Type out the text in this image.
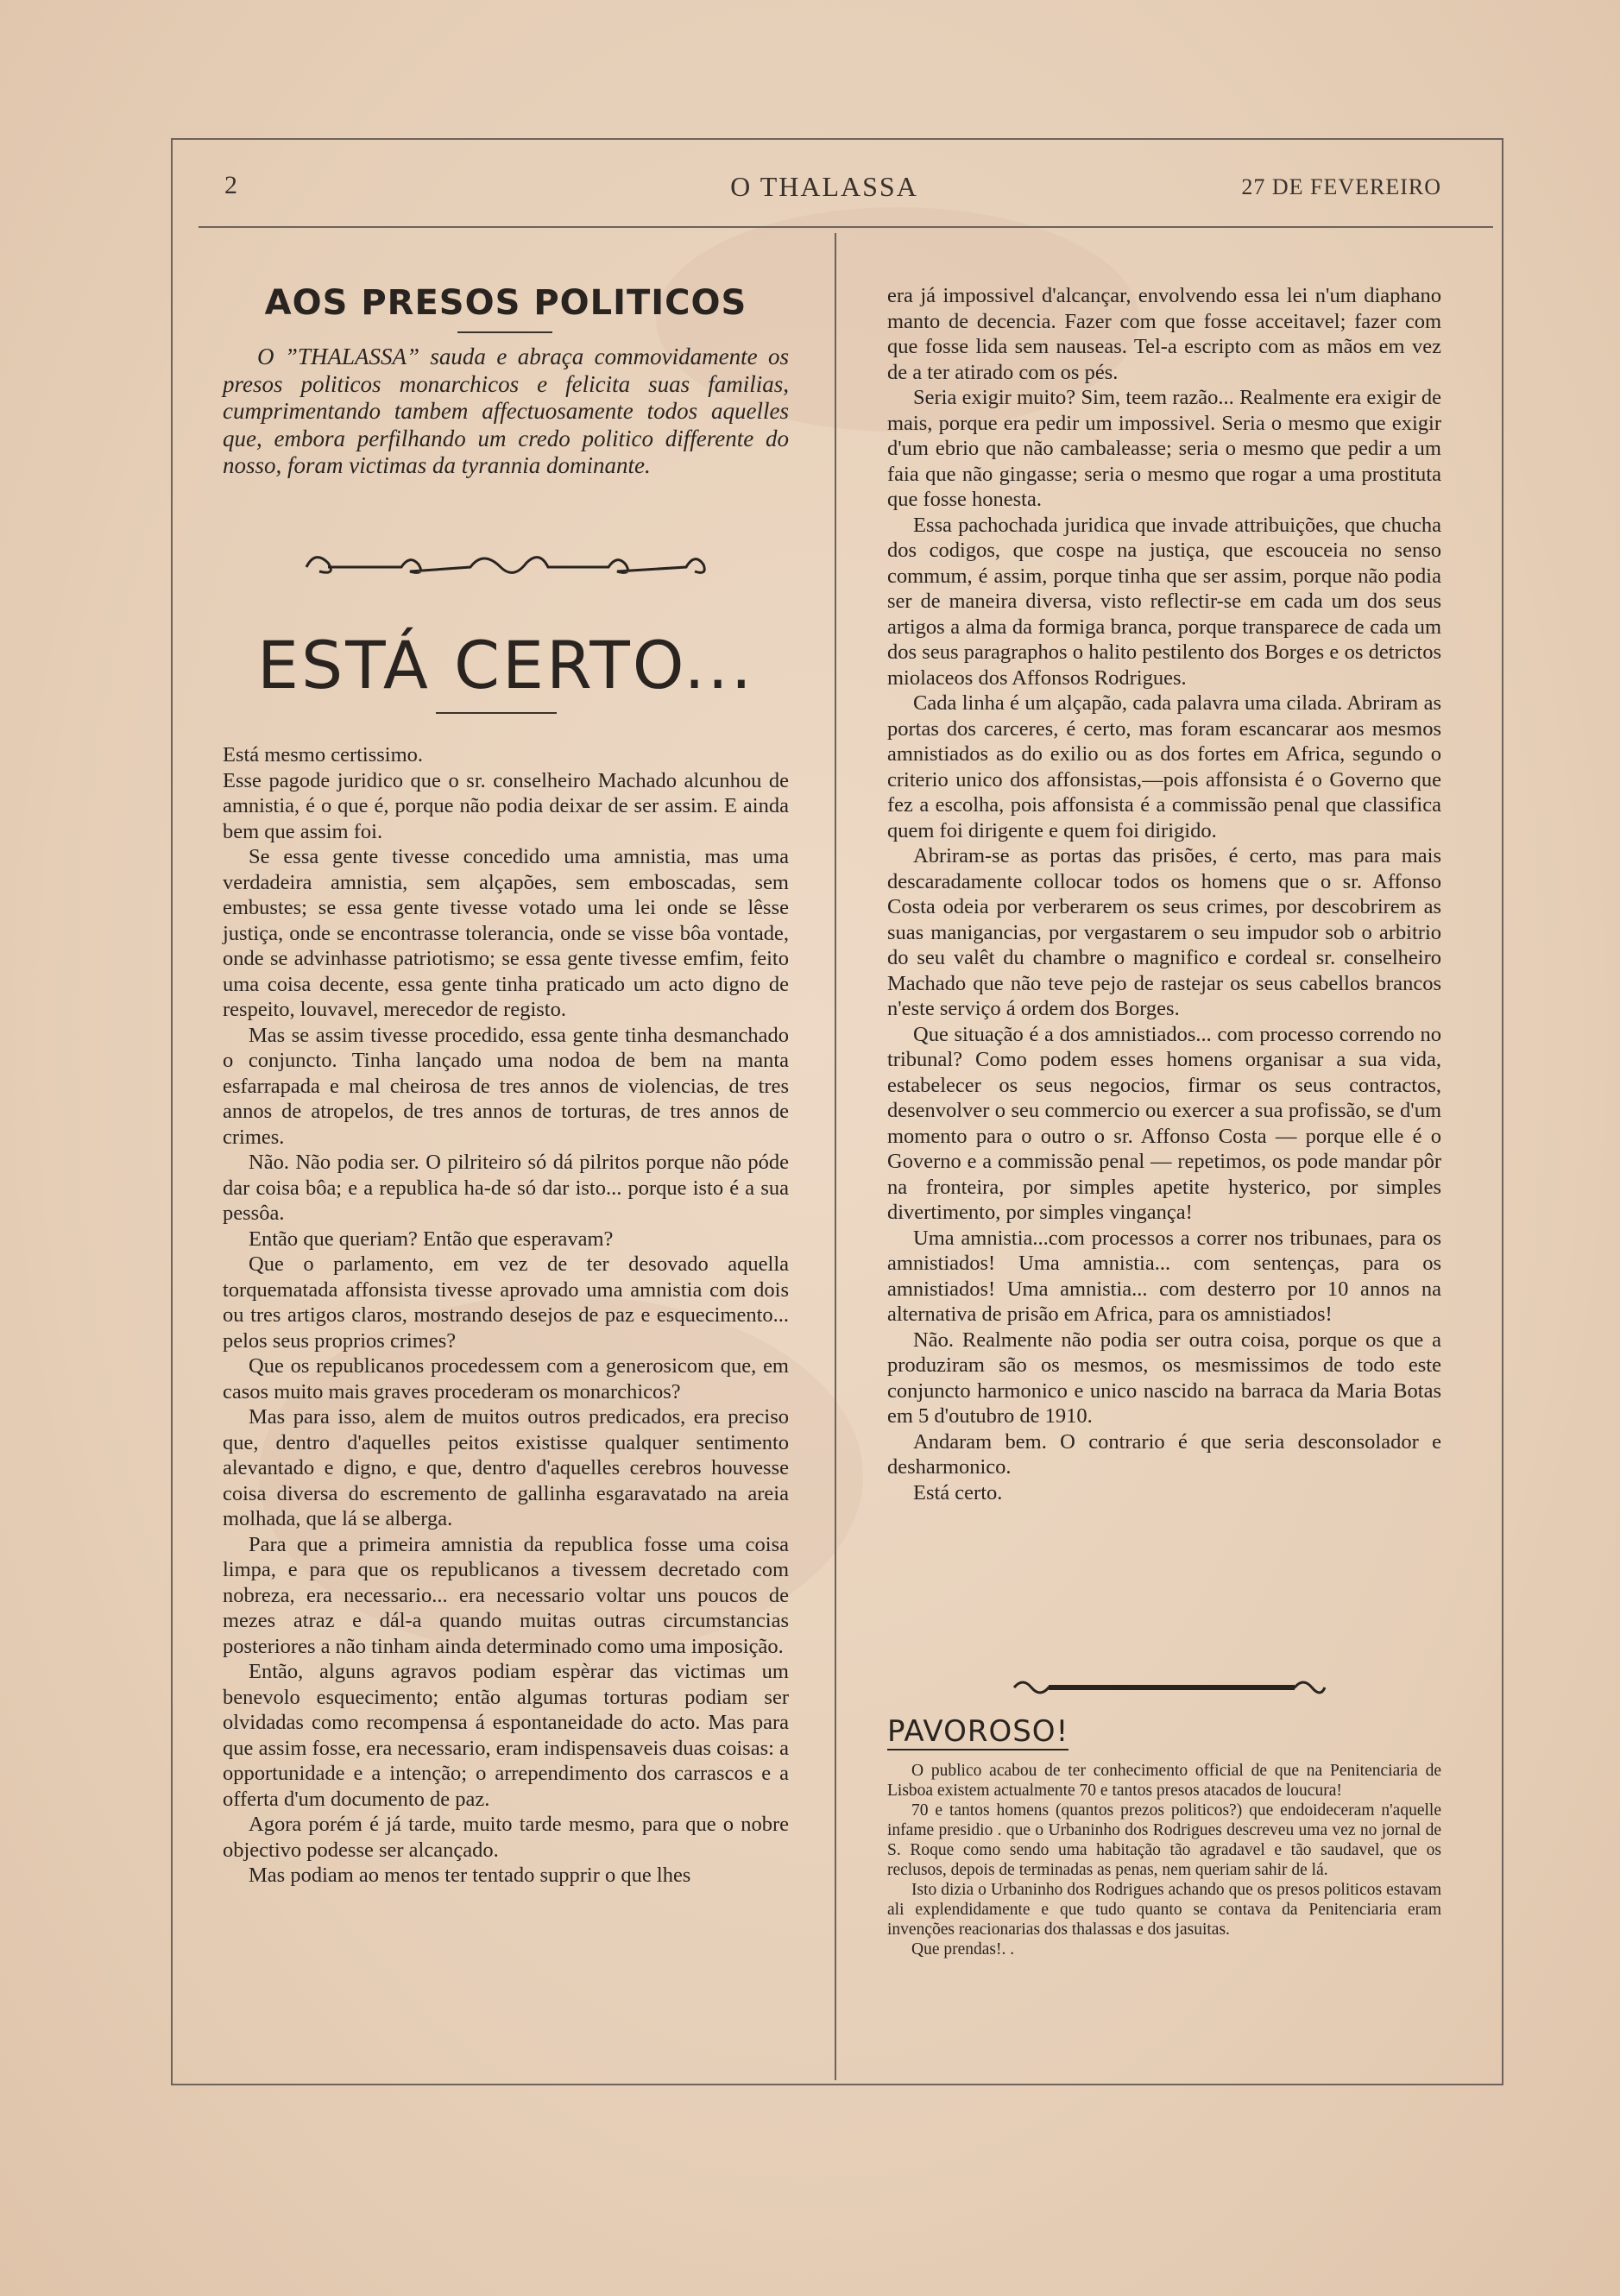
O THALASSA
2	27 DE FEVEREIRO
AOS PRESOS POLITICOS
O ”THALASSA” sauda e abraça commovidamente os presos politicos monarchicos e felicita suas familias, cumprimentando tambem affectuosamente todos aquelles que, embora perfilhando um credo politico differente do nosso, foram victimas da tyrannia dominante.
ESTÁ CERTO...

Está mesmo certissimo.

Esse pagode juridico que o sr. conselheiro Machado alcunhou de amnistia, é o que é, porque não podia deixar de ser assim. E ainda bem que assim foi.

Se essa gente tivesse concedido uma amnistia, mas uma verdadeira amnistia, sem alçapões, sem emboscadas, sem embustes; se essa gente tivesse votado uma lei onde se lêsse justiça, onde se encontrasse tolerancia, onde se visse bôa vontade, onde se advinhasse patriotismo; se essa gente tivesse emfim, feito uma coisa decente, essa gente tinha praticado um acto digno de respeito, louvavel, merecedor de registo.

Mas se assim tivesse procedido, essa gente tinha desmanchado o conjuncto. Tinha lançado uma nodoa de bem na manta esfarrapada e mal cheirosa de tres annos de violencias, de tres annos de atropelos, de tres annos de torturas, de tres annos de crimes.

Não. Não podia ser. O pilriteiro só dá pilritos porque não póde dar coisa bôa; e a republica ha-de só dar isto... porque isto é a sua pessôa.

Então que queriam? Então que esperavam?

Que o parlamento, em vez de ter desovado aquella torquematada affonsista tivesse aprovado uma amnistia com dois ou tres artigos claros, mostrando desejos de paz e esquecimento... pelos seus proprios crimes?

Que os republicanos procedessem com a generosicom que, em casos muito mais graves procederam os monarchicos?

Mas para isso, alem de muitos outros predicados, era preciso que, dentro d'aquelles peitos existisse qualquer sentimento alevantado e digno, e que, dentro d'aquelles cerebros houvesse coisa diversa do escremento de gallinha esgaravatado na areia molhada, que lá se alberga.

Para que a primeira amnistia da republica fosse uma coisa limpa, e para que os republicanos a tivessem decretado com nobreza, era necessario... era necessario voltar uns poucos de mezes atraz e dál-a quando muitas outras circumstancias posteriores a não tinham ainda determinado como uma imposição.

Então, alguns agravos podiam espèrar das victimas um benevolo esquecimento; então algumas torturas podiam ser olvidadas como recompensa á espontaneidade do acto. Mas para que assim fosse, era necessario, eram indispensaveis duas coisas: a opportunidade e a intenção; o arrependimento dos carrascos e a offerta d'um documento de paz.

Agora porém é já tarde, muito tarde mesmo, para que o nobre objectivo podesse ser alcançado.

Mas podiam ao menos ter tentado supprir o que lhes

era já impossivel d'alcançar, envolvendo essa lei n'um diaphano manto de decencia. Fazer com que fosse acceitavel; fazer com que fosse lida sem nauseas. Tel-a escripto com as mãos em vez de a ter atirado com os pés.

Seria exigir muito? Sim, teem razão... Realmente era exigir de mais, porque era pedir um impossivel. Seria o mesmo que exigir d'um ebrio que não cambaleasse; seria o mesmo que pedir a um faia que não gingasse; seria o mesmo que rogar a uma prostituta que fosse honesta.

Essa pachochada juridica que invade attribuições, que chucha dos codigos, que cospe na justiça, que escouceia no senso commum, é assim, porque tinha que ser assim, porque não podia ser de maneira diversa, visto reflectir-se em cada um dos seus artigos a alma da formiga branca, porque transparece de cada um dos seus paragraphos o halito pestilento dos Borges e os detrictos miolaceos dos Affonsos Rodrigues.

Cada linha é um alçapão, cada palavra uma cilada. Abriram as portas dos carceres, é certo, mas foram escancarar aos mesmos amnistiados as do exilio ou as dos fortes em Africa, segundo o criterio unico dos affonsistas,—pois affonsista é o Governo que fez a escolha, pois affonsista é a commissão penal que classifica quem foi dirigente e quem foi dirigido.

Abriram-se as portas das prisões, é certo, mas para mais descaradamente collocar todos os homens que o sr. Affonso Costa odeia por verberarem os seus crimes, por descobrirem as suas manigancias, por vergastarem o seu impudor sob o arbitrio do seu valêt du chambre o magnifico e cordeal sr. conselheiro Machado que não teve pejo de rastejar os seus cabellos brancos n'este serviço á ordem dos Borges.

Que situação é a dos amnistiados... com processo correndo no tribunal? Como podem esses homens organisar a sua vida, estabelecer os seus negocios, firmar os seus contractos, desenvolver o seu commercio ou exercer a sua profissão, se d'um momento para o outro o sr. Affonso Costa — porque elle é o Governo e a commissão penal — repetimos, os pode mandar pôr na fronteira, por simples apetite hysterico, por simples divertimento, por simples vingança!

Uma amnistia...com processos a correr nos tribunaes, para os amnistiados! Uma amnistia... com sentenças, para os amnistiados! Uma amnistia... com desterro por 10 annos na alternativa de prisão em Africa, para os amnistiados!

Não. Realmente não podia ser outra coisa, porque os que a produziram são os mesmos, os mesmissimos de todo este conjuncto harmonico e unico nascido na barraca da Maria Botas em 5 d'outubro de 1910.

Andaram bem. O contrario é que seria desconsolador e desharmonico.

Está certo.

PAVOROSO!

O publico acabou de ter conhecimento official de que na Penitenciaria de Lisboa existem actualmente 70 e tantos presos atacados de loucura!

70 e tantos homens (quantos prezos politicos?) que endoideceram n'aquelle infame presidio . que o Urbaninho dos Rodrigues descreveu uma vez no jornal de S. Roque como sendo uma habitação tão agradavel e tão saudavel, que os reclusos, depois de terminadas as penas, nem queriam sahir de lá.

Isto dizia o Urbaninho dos Rodrigues achando que os presos politicos estavam ali explendidamente e que tudo quanto se contava da Penitenciaria eram invenções reacionarias dos thalassas e dos jasuitas.

Que prendas!. .
